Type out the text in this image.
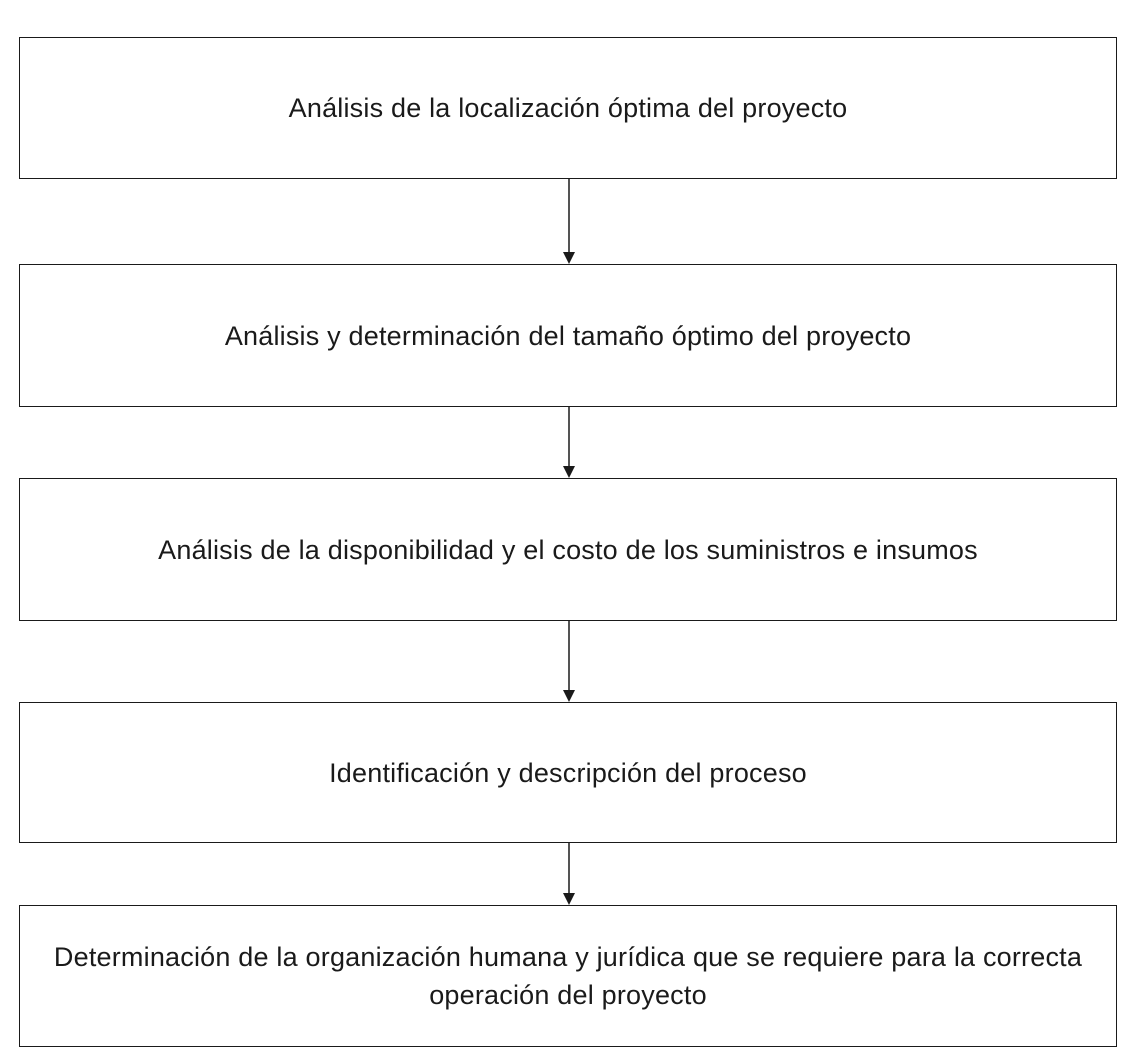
Análisis de la localización óptima del proyecto
Análisis y determinación del tamaño óptimo del proyecto
Análisis de la disponibilidad y el costo de los suministros e insumos
Identificación y descripción del proceso
Determinación de la organización humana y jurídica que se requiere para la correcta operación del proyecto
